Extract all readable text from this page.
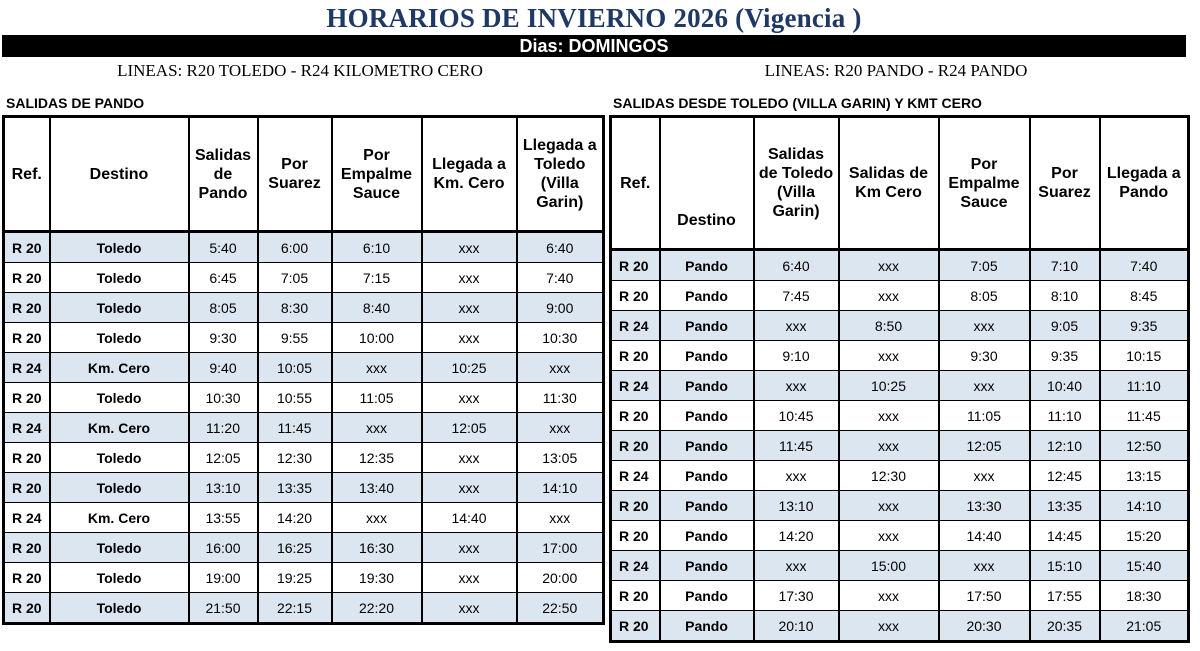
HORARIOS DE INVIERNO 2026 (Vigencia )
Dias: DOMINGOS
LINEAS: R20 TOLEDO - R24 KILOMETRO CERO	LINEAS: R20 PANDO - R24 PANDO
SALIDAS DE PANDO	SALIDAS DESDE TOLEDO (VILLA GARIN) Y KMT CERO
Ref.	Destino	Salidas de Pando	Por Suarez	Por Empalme Sauce	Llegada a Km. Cero	Llegada a Toledo (Villa Garin)
R 20	Toledo	5:40	6:00	6:10	xxx	6:40
R 20	Toledo	6:45	7:05	7:15	xxx	7:40
R 20	Toledo	8:05	8:30	8:40	xxx	9:00
R 20	Toledo	9:30	9:55	10:00	xxx	10:30
R 24	Km. Cero	9:40	10:05	xxx	10:25	xxx
R 20	Toledo	10:30	10:55	11:05	xxx	11:30
R 24	Km. Cero	11:20	11:45	xxx	12:05	xxx
R 20	Toledo	12:05	12:30	12:35	xxx	13:05
R 20	Toledo	13:10	13:35	13:40	xxx	14:10
R 24	Km. Cero	13:55	14:20	xxx	14:40	xxx
R 20	Toledo	16:00	16:25	16:30	xxx	17:00
R 20	Toledo	19:00	19:25	19:30	xxx	20:00
R 20	Toledo	21:50	22:15	22:20	xxx	22:50
Ref.	Destino	Salidas de Toledo (Villa Garin)	Salidas de Km Cero	Por Empalme Sauce	Por Suarez	Llegada a Pando
R 20	Pando	6:40	xxx	7:05	7:10	7:40
R 20	Pando	7:45	xxx	8:05	8:10	8:45
R 24	Pando	xxx	8:50	xxx	9:05	9:35
R 20	Pando	9:10	xxx	9:30	9:35	10:15
R 24	Pando	xxx	10:25	xxx	10:40	11:10
R 20	Pando	10:45	xxx	11:05	11:10	11:45
R 20	Pando	11:45	xxx	12:05	12:10	12:50
R 24	Pando	xxx	12:30	xxx	12:45	13:15
R 20	Pando	13:10	xxx	13:30	13:35	14:10
R 20	Pando	14:20	xxx	14:40	14:45	15:20
R 24	Pando	xxx	15:00	xxx	15:10	15:40
R 20	Pando	17:30	xxx	17:50	17:55	18:30
R 20	Pando	20:10	xxx	20:30	20:35	21:05
